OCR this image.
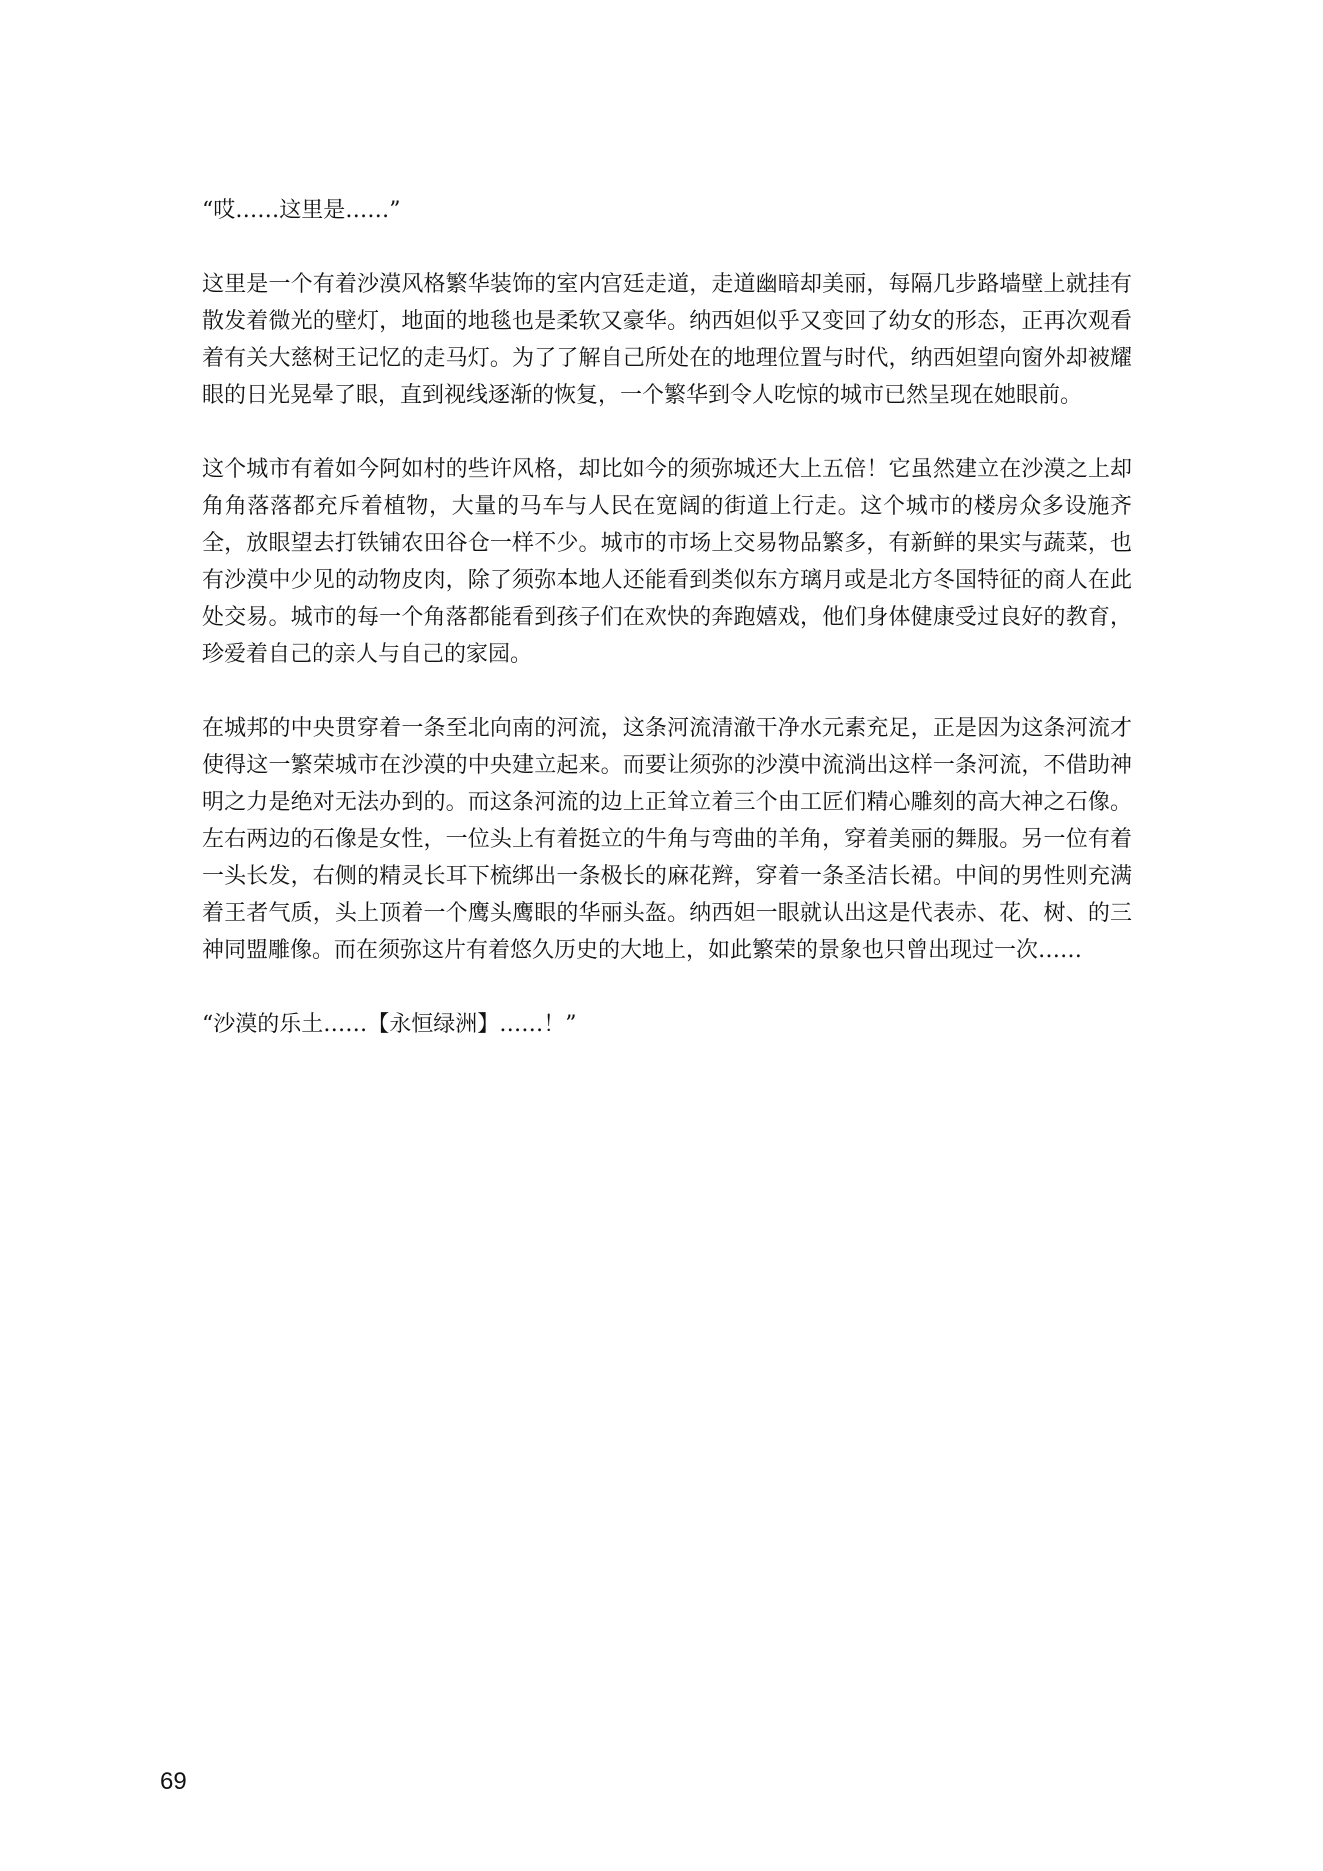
“哎……这里是……”

这里是一个有着沙漠风格繁华装饰的室内宫廷走道，走道幽暗却美丽，每隔几步路墙壁上就挂有散发着微光的壁灯，地面的地毯也是柔软又豪华。纳西妲似乎又变回了幼女的形态，正再次观看着有关大慈树王记忆的走马灯。为了了解自己所处在的地理位置与时代，纳西妲望向窗外却被耀眼的日光晃晕了眼，直到视线逐渐的恢复，一个繁华到令人吃惊的城市已然呈现在她眼前。

这个城市有着如今阿如村的些许风格，却比如今的须弥城还大上五倍！它虽然建立在沙漠之上却角角落落都充斥着植物，大量的马车与人民在宽阔的街道上行走。这个城市的楼房众多设施齐全，放眼望去打铁铺农田谷仓一样不少。城市的市场上交易物品繁多，有新鲜的果实与蔬菜，也有沙漠中少见的动物皮肉，除了须弥本地人还能看到类似东方璃月或是北方冬国特征的商人在此处交易。城市的每一个角落都能看到孩子们在欢快的奔跑嬉戏，他们身体健康受过良好的教育，珍爱着自己的亲人与自己的家园。

在城邦的中央贯穿着一条至北向南的河流，这条河流清澈干净水元素充足，正是因为这条河流才使得这一繁荣城市在沙漠的中央建立起来。而要让须弥的沙漠中流淌出这样一条河流，不借助神明之力是绝对无法办到的。而这条河流的边上正耸立着三个由工匠们精心雕刻的高大神之石像。左右两边的石像是女性，一位头上有着挺立的牛角与弯曲的羊角，穿着美丽的舞服。另一位有着一头长发，右侧的精灵长耳下梳绑出一条极长的麻花辫，穿着一条圣洁长裙。中间的男性则充满着王者气质，头上顶着一个鹰头鹰眼的华丽头盔。纳西妲一眼就认出这是代表赤、花、树、的三神同盟雕像。而在须弥这片有着悠久历史的大地上，如此繁荣的景象也只曾出现过一次……

“沙漠的乐土……【永恒绿洲】……！”

69
